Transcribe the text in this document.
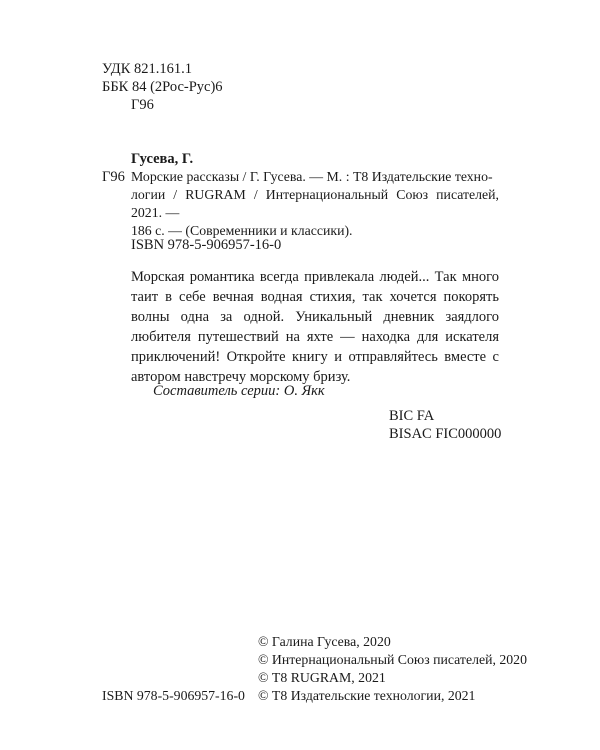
УДК 821.161.1
ББК 84 (2Рос-Рус)6
Г96
Гусева, Г.
Г96 Морские рассказы / Г. Гусева. — М. : Т8 Издательские техно-
логии / RUGRAM / Интернациональный Союз писателей, 2021. —
186 с. — (Современники и классики).
ISBN 978-5-906957-16-0
Морская романтика всегда привлекала людей... Так много таит в себе вечная водная стихия, так хочется покорять волны одна за одной. Уникальный дневник заядлого любителя путешествий на яхте — находка для искателя приключений! Откройте книгу и отправляйтесь вместе с автором навстречу морскому бризу.
Составитель серии: О. Якк
BIC FA
BISAC FIC000000
© Галина Гусева, 2020
© Интернациональный Союз писателей, 2020
© Т8 RUGRAM, 2021
© Т8 Издательские технологии, 2021
ISBN 978-5-906957-16-0
